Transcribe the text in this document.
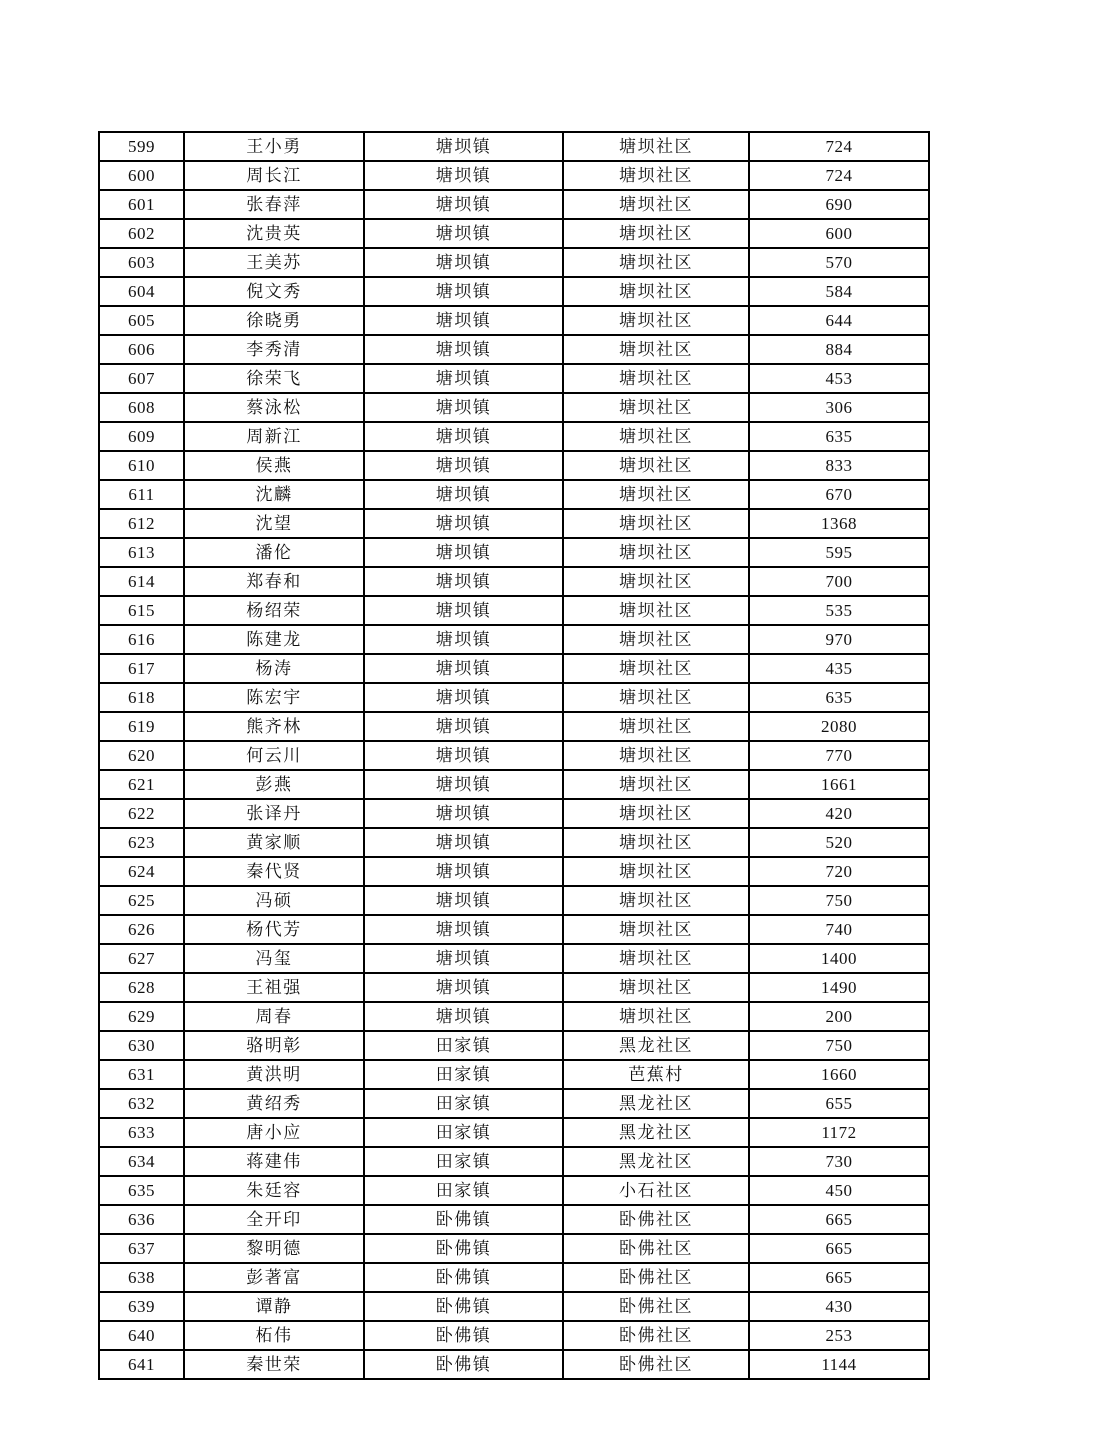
599	王小勇	塘坝镇	塘坝社区	724
600	周长江	塘坝镇	塘坝社区	724
601	张春萍	塘坝镇	塘坝社区	690
602	沈贵英	塘坝镇	塘坝社区	600
603	王美苏	塘坝镇	塘坝社区	570
604	倪文秀	塘坝镇	塘坝社区	584
605	徐晓勇	塘坝镇	塘坝社区	644
606	李秀清	塘坝镇	塘坝社区	884
607	徐荣飞	塘坝镇	塘坝社区	453
608	蔡泳松	塘坝镇	塘坝社区	306
609	周新江	塘坝镇	塘坝社区	635
610	侯燕	塘坝镇	塘坝社区	833
611	沈麟	塘坝镇	塘坝社区	670
612	沈望	塘坝镇	塘坝社区	1368
613	潘伦	塘坝镇	塘坝社区	595
614	郑春和	塘坝镇	塘坝社区	700
615	杨绍荣	塘坝镇	塘坝社区	535
616	陈建龙	塘坝镇	塘坝社区	970
617	杨涛	塘坝镇	塘坝社区	435
618	陈宏宇	塘坝镇	塘坝社区	635
619	熊齐林	塘坝镇	塘坝社区	2080
620	何云川	塘坝镇	塘坝社区	770
621	彭燕	塘坝镇	塘坝社区	1661
622	张译丹	塘坝镇	塘坝社区	420
623	黄家顺	塘坝镇	塘坝社区	520
624	秦代贤	塘坝镇	塘坝社区	720
625	冯硕	塘坝镇	塘坝社区	750
626	杨代芳	塘坝镇	塘坝社区	740
627	冯玺	塘坝镇	塘坝社区	1400
628	王祖强	塘坝镇	塘坝社区	1490
629	周春	塘坝镇	塘坝社区	200
630	骆明彰	田家镇	黑龙社区	750
631	黄洪明	田家镇	芭蕉村	1660
632	黄绍秀	田家镇	黑龙社区	655
633	唐小应	田家镇	黑龙社区	1172
634	蒋建伟	田家镇	黑龙社区	730
635	朱廷容	田家镇	小石社区	450
636	全开印	卧佛镇	卧佛社区	665
637	黎明德	卧佛镇	卧佛社区	665
638	彭著富	卧佛镇	卧佛社区	665
639	谭静	卧佛镇	卧佛社区	430
640	柘伟	卧佛镇	卧佛社区	253
641	秦世荣	卧佛镇	卧佛社区	1144
